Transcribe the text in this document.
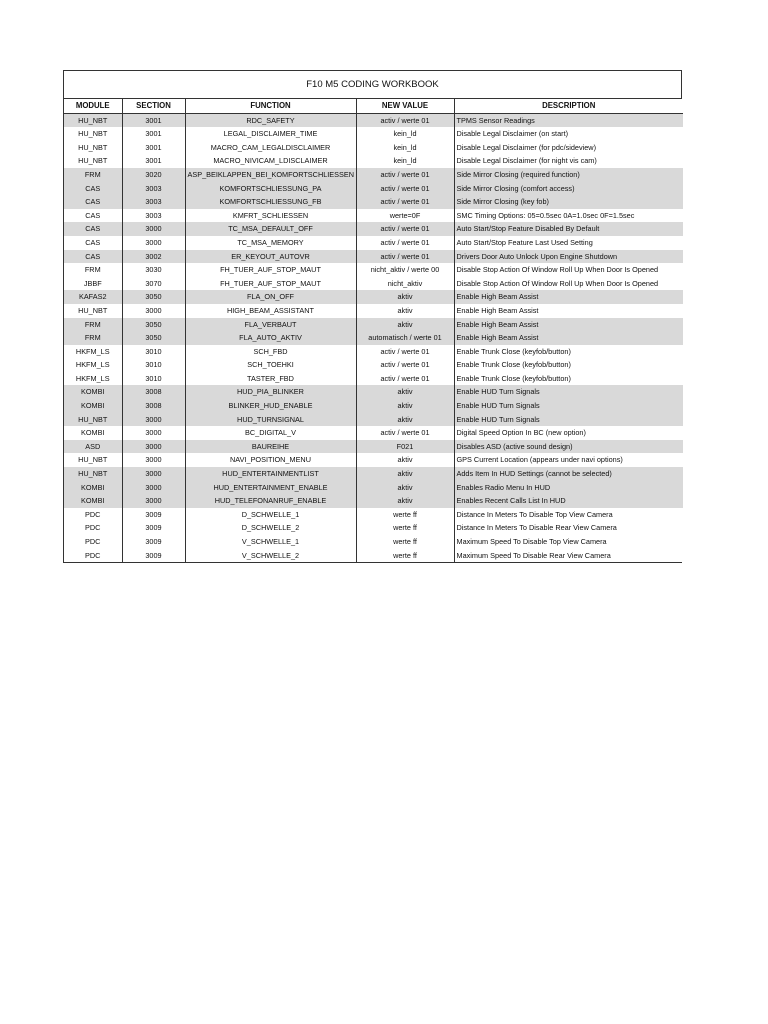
F10 M5 CODING WORKBOOK
MODULE	SECTION	FUNCTION	NEW VALUE	DESCRIPTION
HU_NBT	3001	RDC_SAFETY	activ / werte 01	TPMS Sensor Readings
HU_NBT	3001	LEGAL_DISCLAIMER_TIME	kein_ld	Disable Legal Disclaimer (on start)
HU_NBT	3001	MACRO_CAM_LEGALDISCLAIMER	kein_ld	Disable Legal Disclaimer (for pdc/sideview)
HU_NBT	3001	MACRO_NIVICAM_LDISCLAIMER	kein_ld	Disable Legal Disclaimer (for night vis cam)
FRM	3020	ASP_BEIKLAPPEN_BEI_KOMFORTSCHLIESSEN	activ / werte 01	Side Mirror Closing (required function)
CAS	3003	KOMFORTSCHLIESSUNG_PA	activ / werte 01	Side Mirror Closing (comfort access)
CAS	3003	KOMFORTSCHLIESSUNG_FB	activ / werte 01	Side Mirror Closing (key fob)
CAS	3003	KMFRT_SCHLIESSEN	werte=0F	SMC Timing Options: 05=0.5sec 0A=1.0sec 0F=1.5sec
CAS	3000	TC_MSA_DEFAULT_OFF	activ / werte 01	Auto Start/Stop Feature Disabled By Default
CAS	3000	TC_MSA_MEMORY	activ / werte 01	Auto Start/Stop Feature Last Used Setting
CAS	3002	ER_KEYOUT_AUTOVR	activ / werte 01	Drivers Door Auto Unlock Upon Engine Shutdown
FRM	3030	FH_TUER_AUF_STOP_MAUT	nicht_aktiv / werte 00	Disable Stop Action Of Window Roll Up When Door Is Opened
JBBF	3070	FH_TUER_AUF_STOP_MAUT	nicht_aktiv	Disable Stop Action Of Window Roll Up When Door Is Opened
KAFAS2	3050	FLA_ON_OFF	aktiv	Enable High Beam Assist
HU_NBT	3000	HIGH_BEAM_ASSISTANT	aktiv	Enable High Beam Assist
FRM	3050	FLA_VERBAUT	aktiv	Enable High Beam Assist
FRM	3050	FLA_AUTO_AKTIV	automatisch / werte 01	Enable High Beam Assist
HKFM_LS	3010	SCH_FBD	activ / werte 01	Enable Trunk Close (keyfob/button)
HKFM_LS	3010	SCH_TOEHKI	activ / werte 01	Enable Trunk Close (keyfob/button)
HKFM_LS	3010	TASTER_FBD	activ / werte 01	Enable Trunk Close (keyfob/button)
KOMBI	3008	HUD_PIA_BLINKER	aktiv	Enable HUD Turn Signals
KOMBI	3008	BLINKER_HUD_ENABLE	aktiv	Enable HUD Turn Signals
HU_NBT	3000	HUD_TURNSIGNAL	aktiv	Enable HUD Turn Signals
KOMBI	3000	BC_DIGITAL_V	activ / werte 01	Digital Speed Option In BC (new option)
ASD	3000	BAUREIHE	F021	Disables ASD (active sound design)
HU_NBT	3000	NAVI_POSITION_MENU	aktiv	GPS Current Location (appears under navi options)
HU_NBT	3000	HUD_ENTERTAINMENTLIST	aktiv	Adds Item In HUD Settings (cannot be selected)
KOMBI	3000	HUD_ENTERTAINMENT_ENABLE	aktiv	Enables Radio Menu In HUD
KOMBI	3000	HUD_TELEFONANRUF_ENABLE	aktiv	Enables Recent Calls List In HUD
PDC	3009	D_SCHWELLE_1	werte ff	Distance In Meters To Disable Top View Camera
PDC	3009	D_SCHWELLE_2	werte ff	Distance In Meters To Disable Rear View Camera
PDC	3009	V_SCHWELLE_1	werte ff	Maximum Speed To Disable Top View Camera
PDC	3009	V_SCHWELLE_2	werte ff	Maximum Speed To Disable Rear View Camera
